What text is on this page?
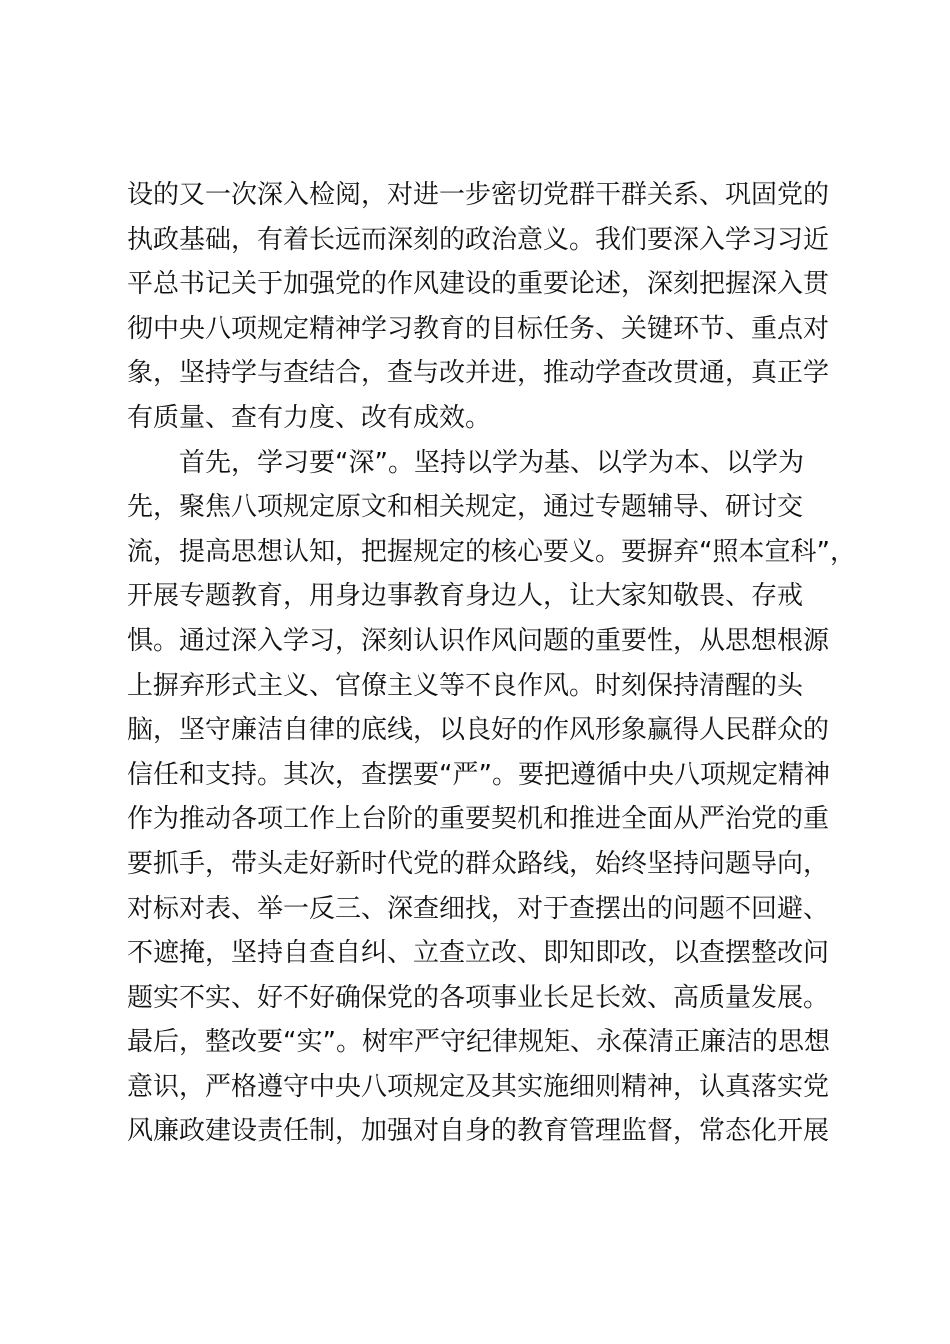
设的又一次深入检阅，对进一步密切党群干群关系、巩固党的
执政基础，有着长远而深刻的政治意义。我们要深入学习习近
平总书记关于加强党的作风建设的重要论述，深刻把握深入贯
彻中央八项规定精神学习教育的目标任务、关键环节、重点对
象，坚持学与查结合，查与改并进，推动学查改贯通，真正学
有质量、查有力度、改有成效。
首先，学习要“深”。坚持以学为基、以学为本、以学为
先，聚焦八项规定原文和相关规定，通过专题辅导、研讨交
流，提高思想认知，把握规定的核心要义。要摒弃“照本宣科”，
开展专题教育，用身边事教育身边人，让大家知敬畏、存戒
惧。通过深入学习，深刻认识作风问题的重要性，从思想根源
上摒弃形式主义、官僚主义等不良作风。时刻保持清醒的头
脑，坚守廉洁自律的底线，以良好的作风形象赢得人民群众的
信任和支持。其次，查摆要“严”。要把遵循中央八项规定精神
作为推动各项工作上台阶的重要契机和推进全面从严治党的重
要抓手，带头走好新时代党的群众路线，始终坚持问题导向，
对标对表、举一反三、深查细找，对于查摆出的问题不回避、
不遮掩，坚持自查自纠、立查立改、即知即改，以查摆整改问
题实不实、好不好确保党的各项事业长足长效、高质量发展。
最后，整改要“实”。树牢严守纪律规矩、永葆清正廉洁的思想
意识，严格遵守中央八项规定及其实施细则精神，认真落实党
风廉政建设责任制，加强对自身的教育管理监督，常态化开展
